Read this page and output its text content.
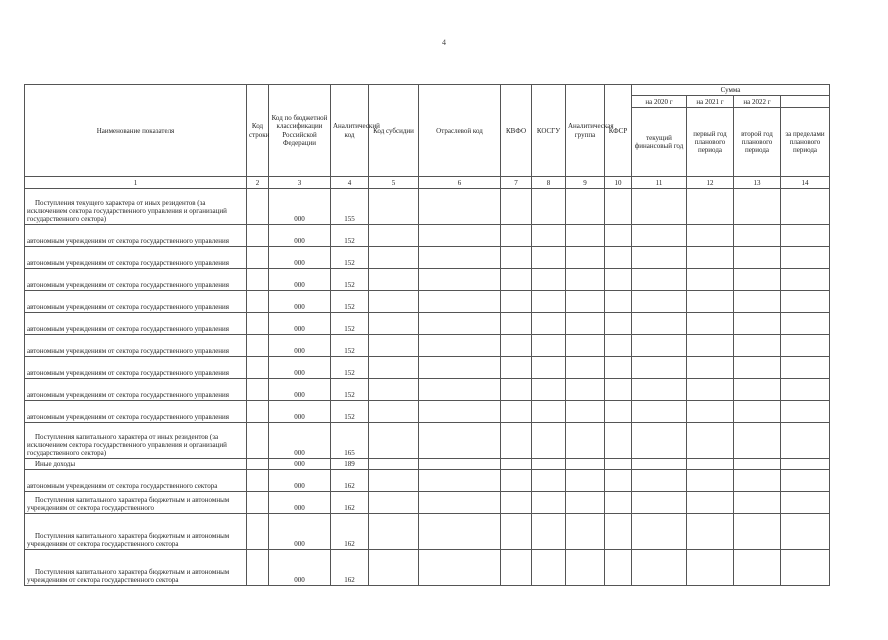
4
Наименование показателя	Код строки	Код по бюджетной классификации Российской Федерации	Аналитический код	Код субсидии	Отраслевой код	КВФО	КОСГУ	Аналитическая группа	КФСР	Сумма			
										на 2020 г	на 2021 г	на 2022 г	
										текущий финансовый год	первый год планового периода	второй год планового периода	за пределами планового периода
1	2	3	4	5	6	7	8	9	10	11	12	13	14
Поступления текущего характера от иных резидентов (за исключением сектора государственного управления и организаций государственного сектора)		000	155										
автономным учреждениям от сектора государственного управления		000	152										
автономным учреждениям от сектора государственного управления		000	152										
автономным учреждениям от сектора государственного управления		000	152										
автономным учреждениям от сектора государственного управления		000	152										
автономным учреждениям от сектора государственного управления		000	152										
автономным учреждениям от сектора государственного управления		000	152										
автономным учреждениям от сектора государственного управления		000	152										
автономным учреждениям от сектора государственного управления		000	152										
автономным учреждениям от сектора государственного управления		000	152										
Поступления капитального характера от иных резидентов (за исключением сектора государственного управления и организаций государственного сектора)		000	165										
Иные доходы		000	189										
автономным учреждениям от сектора государственного сектора		000	162										
Поступления капитального характера бюджетным и автономным учреждениям от сектора государственного		000	162										
Поступления капитального характера бюджетным и автономным учреждениям от сектора государственного сектора		000	162										
Поступления капитального характера бюджетным и автономным учреждениям от сектора государственного сектора		000	162										
